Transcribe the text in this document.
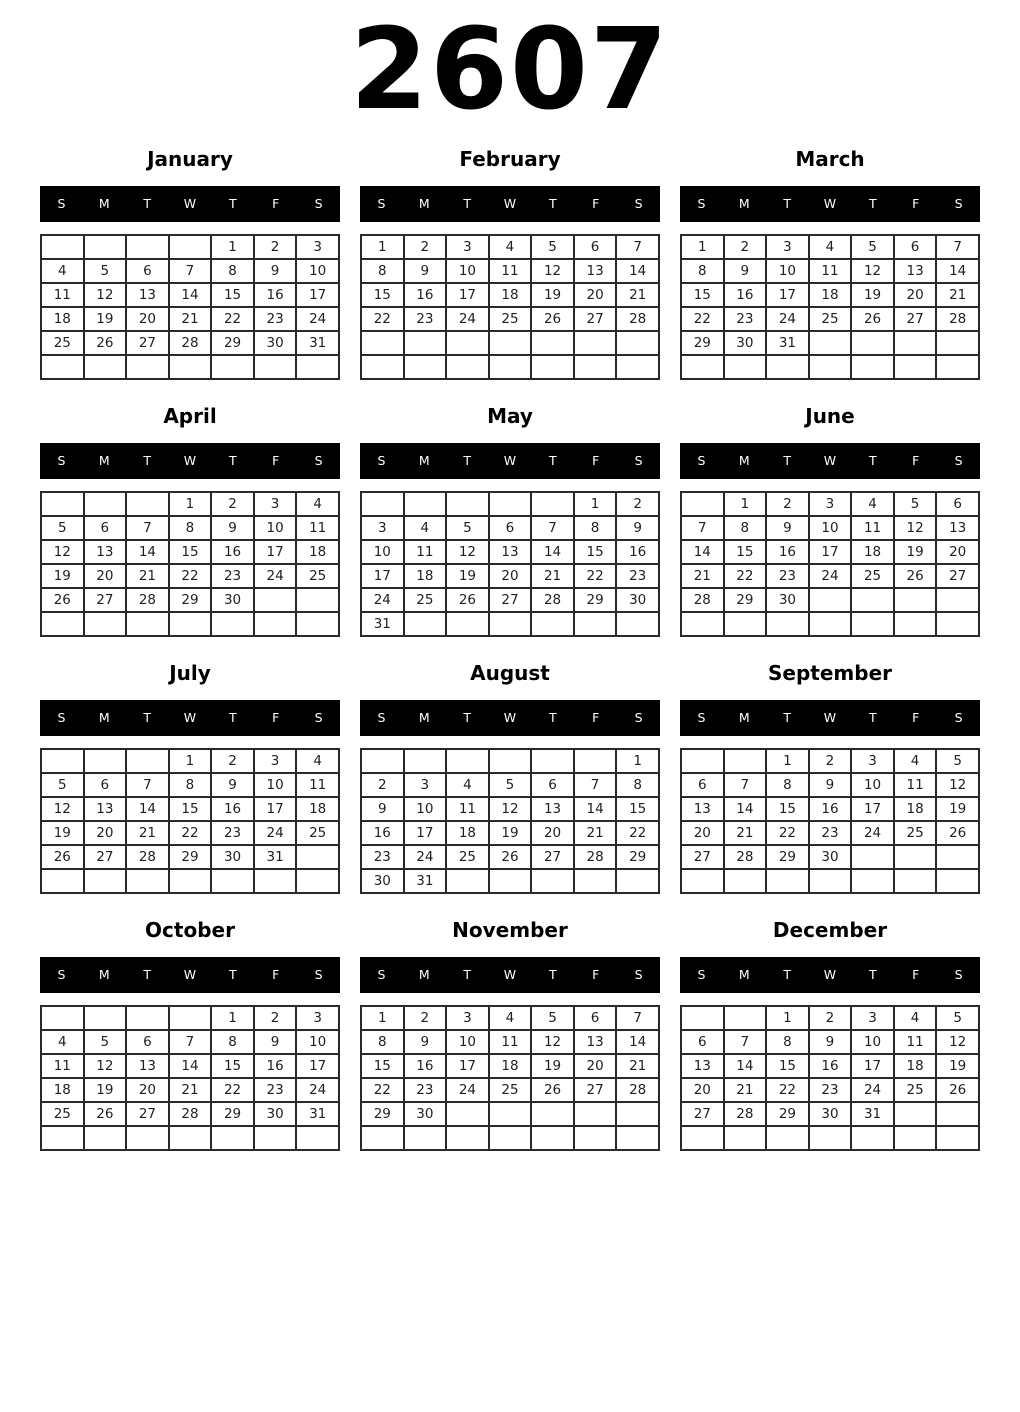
2607
January
S	M	T	W	T	F	S
				1	2	3
4	5	6	7	8	9	10
11	12	13	14	15	16	17
18	19	20	21	22	23	24
25	26	27	28	29	30	31

February
S	M	T	W	T	F	S
1	2	3	4	5	6	7
8	9	10	11	12	13	14
15	16	17	18	19	20	21
22	23	24	25	26	27	28

March
S	M	T	W	T	F	S
1	2	3	4	5	6	7
8	9	10	11	12	13	14
15	16	17	18	19	20	21
22	23	24	25	26	27	28
29	30	31				

April
S	M	T	W	T	F	S
			1	2	3	4
5	6	7	8	9	10	11
12	13	14	15	16	17	18
19	20	21	22	23	24	25
26	27	28	29	30		

May
S	M	T	W	T	F	S
					1	2
3	4	5	6	7	8	9
10	11	12	13	14	15	16
17	18	19	20	21	22	23
24	25	26	27	28	29	30
31						
June
S	M	T	W	T	F	S
	1	2	3	4	5	6
7	8	9	10	11	12	13
14	15	16	17	18	19	20
21	22	23	24	25	26	27
28	29	30				

July
S	M	T	W	T	F	S
			1	2	3	4
5	6	7	8	9	10	11
12	13	14	15	16	17	18
19	20	21	22	23	24	25
26	27	28	29	30	31	

August
S	M	T	W	T	F	S
						1
2	3	4	5	6	7	8
9	10	11	12	13	14	15
16	17	18	19	20	21	22
23	24	25	26	27	28	29
30	31					
September
S	M	T	W	T	F	S
		1	2	3	4	5
6	7	8	9	10	11	12
13	14	15	16	17	18	19
20	21	22	23	24	25	26
27	28	29	30			

October
S	M	T	W	T	F	S
				1	2	3
4	5	6	7	8	9	10
11	12	13	14	15	16	17
18	19	20	21	22	23	24
25	26	27	28	29	30	31

November
S	M	T	W	T	F	S
1	2	3	4	5	6	7
8	9	10	11	12	13	14
15	16	17	18	19	20	21
22	23	24	25	26	27	28
29	30					

December
S	M	T	W	T	F	S
		1	2	3	4	5
6	7	8	9	10	11	12
13	14	15	16	17	18	19
20	21	22	23	24	25	26
27	28	29	30	31		
